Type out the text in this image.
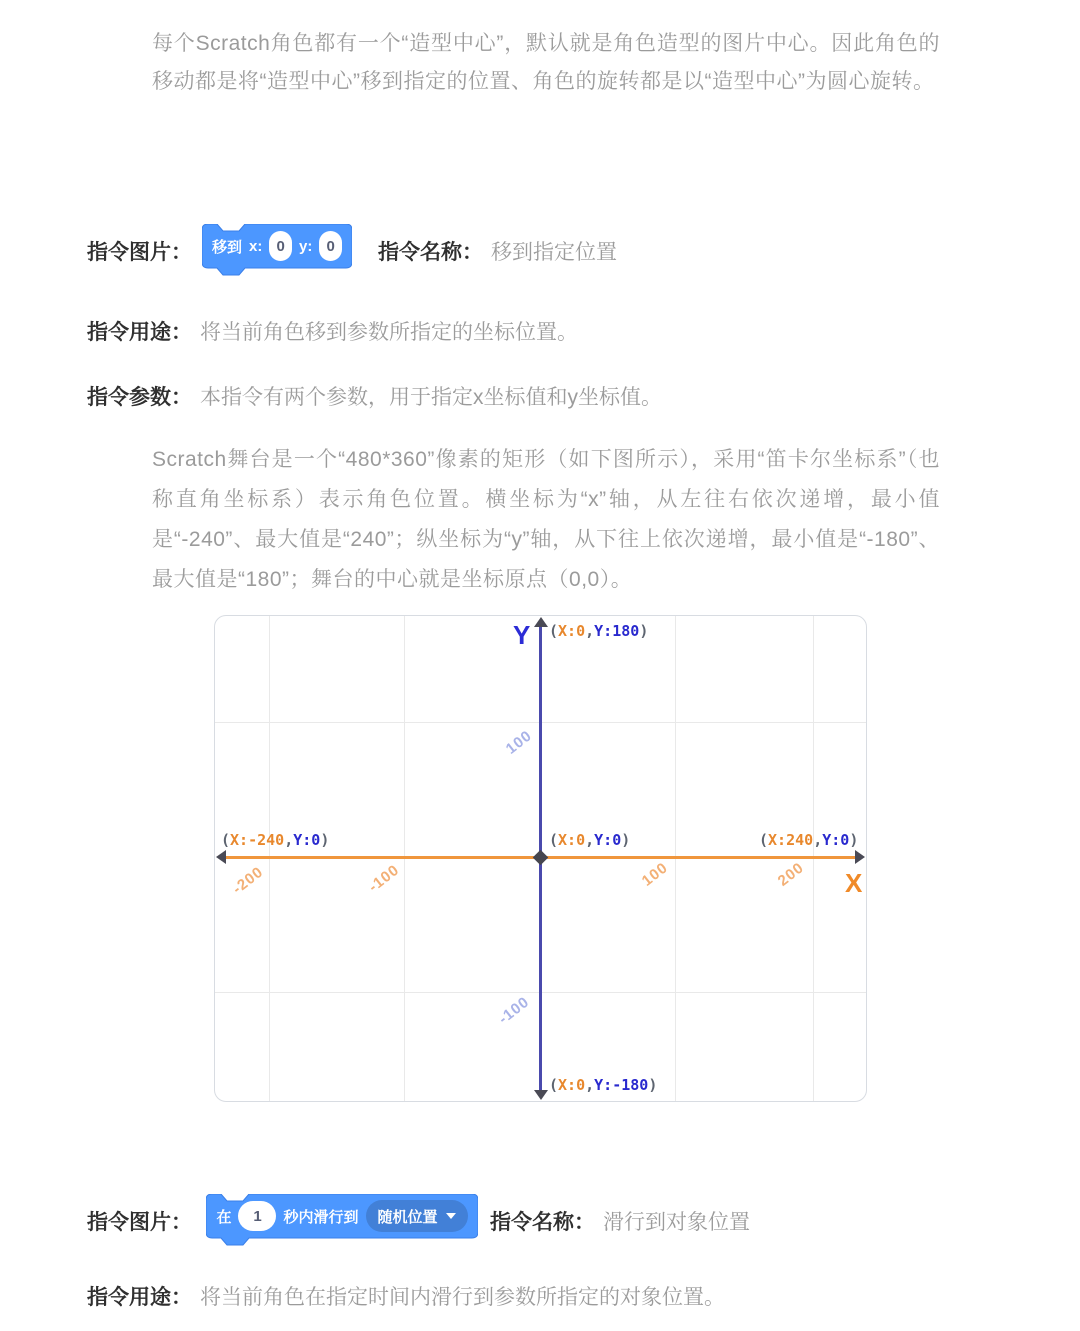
每个Scratch角色都有一个“造型中心”，默认就是角色造型的图片中心。因此角色的移动都是将“造型中心”移到指定的位置、角色的旋转都是以“造型中心”为圆心旋转。
指令图片： 移到 x: 0 y: 0	指令名称： 移到指定位置
指令用途： 将当前角色移到参数所指定的坐标位置。
指令参数： 本指令有两个参数，用于指定x坐标值和y坐标值。
Scratch舞台是一个“480*360”像素的矩形（如下图所示），采用“笛卡尔坐标系”（也称直角坐标系）表示角色位置。横坐标为“x”轴，从左往右依次递增，最小值是“-240”、最大值是“240”；纵坐标为“y”轴，从下往上依次递增，最小值是“-180”、最大值是“180”；舞台的中心就是坐标原点（0,0）。
Y
X
(X:0,Y:180)
(X:-240,Y:0)	(X:0,Y:0)	(X:240,Y:0)
(X:0,Y:-180)
100
-100
-200	-100	100	200
指令图片： 在	1	秒内滑行到 随机位置 指令名称： 滑行到对象位置
指令用途： 将当前角色在指定时间内滑行到参数所指定的对象位置。
